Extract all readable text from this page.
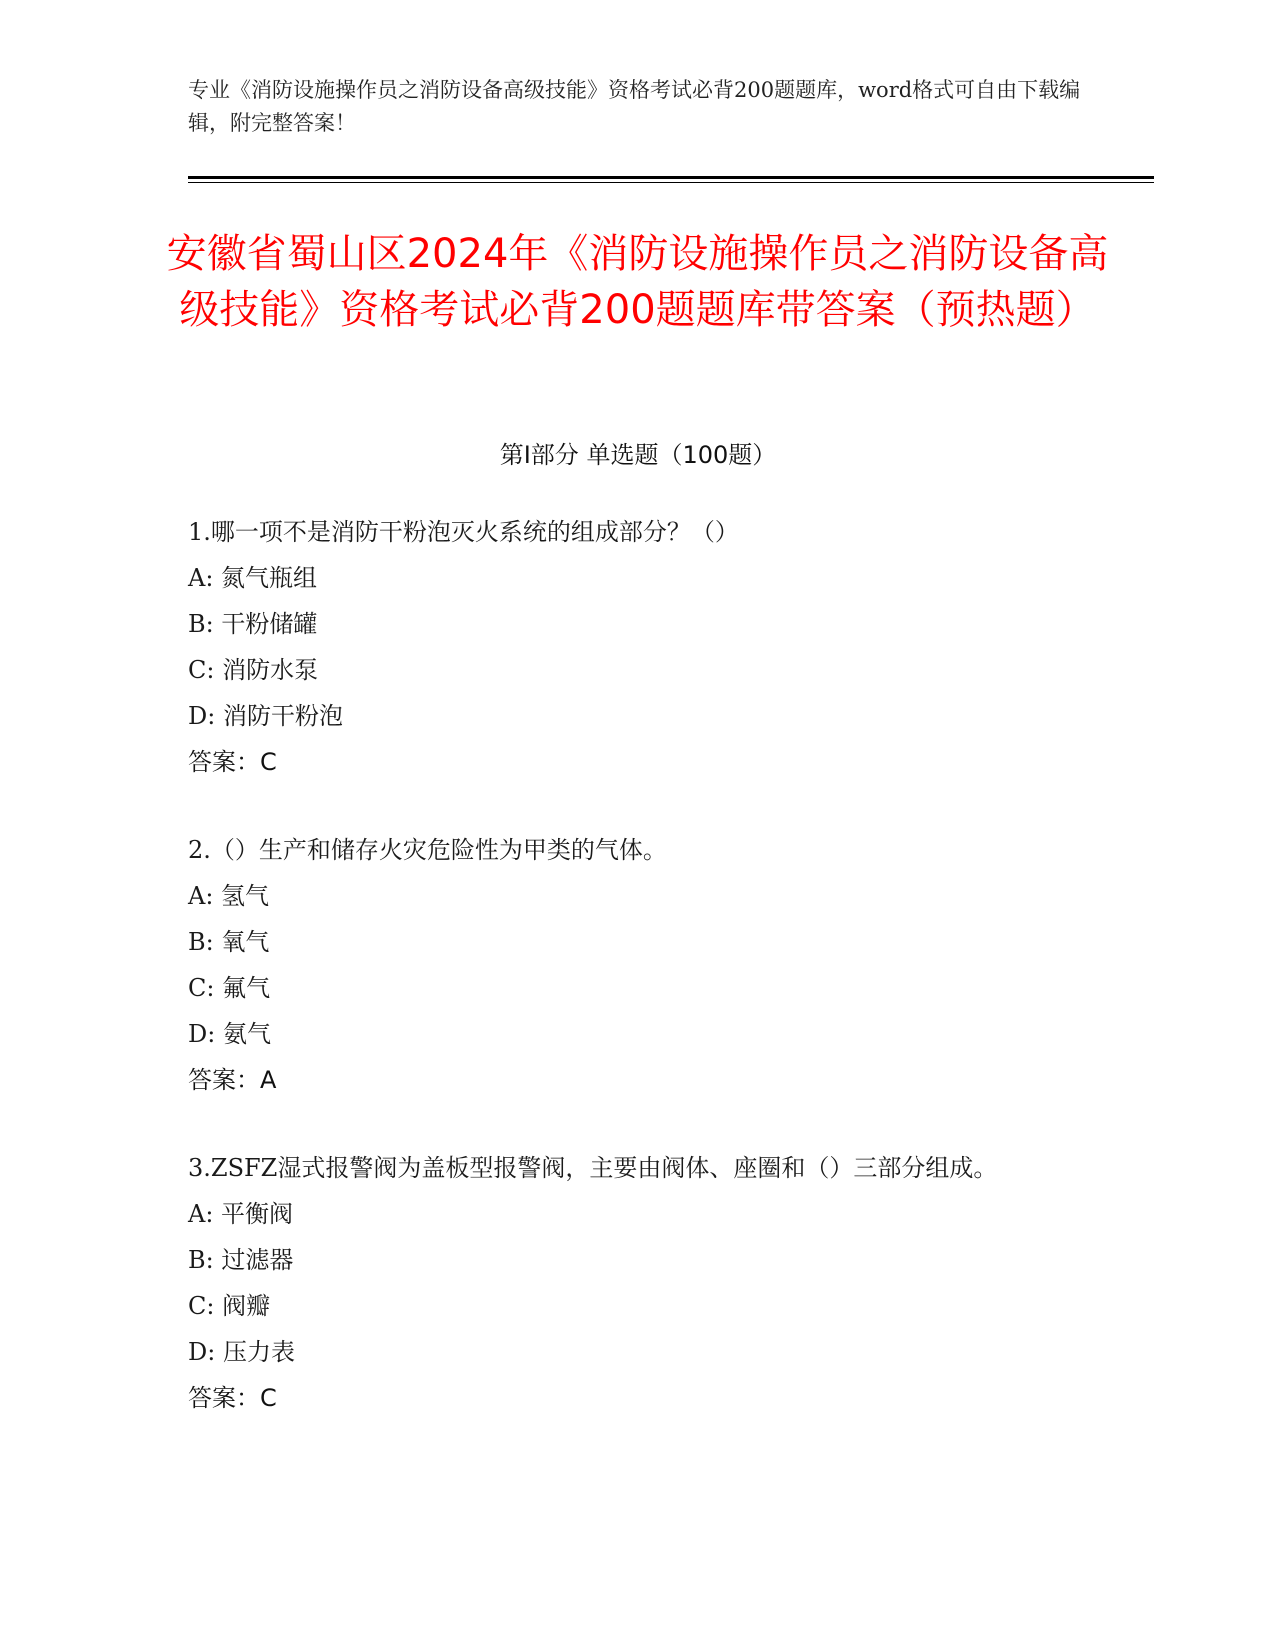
专业《消防设施操作员之消防设备高级技能》资格考试必背200题题库，word格式可自由下载编辑，附完整答案！
安徽省蜀山区2024年《消防设施操作员之消防设备高级技能》资格考试必背200题题库带答案（预热题）
第I部分 单选题（100题）
1.哪一项不是消防干粉泡灭火系统的组成部分？（）
A: 氮气瓶组
B: 干粉储罐
C: 消防水泵
D: 消防干粉泡
答案：C
2.（）生产和储存火灾危险性为甲类的气体。
A: 氢气
B: 氧气
C: 氟气
D: 氨气
答案：A
3.ZSFZ湿式报警阀为盖板型报警阀，主要由阀体、座圈和（）三部分组成。
A: 平衡阀
B: 过滤器
C: 阀瓣
D: 压力表
答案：C
